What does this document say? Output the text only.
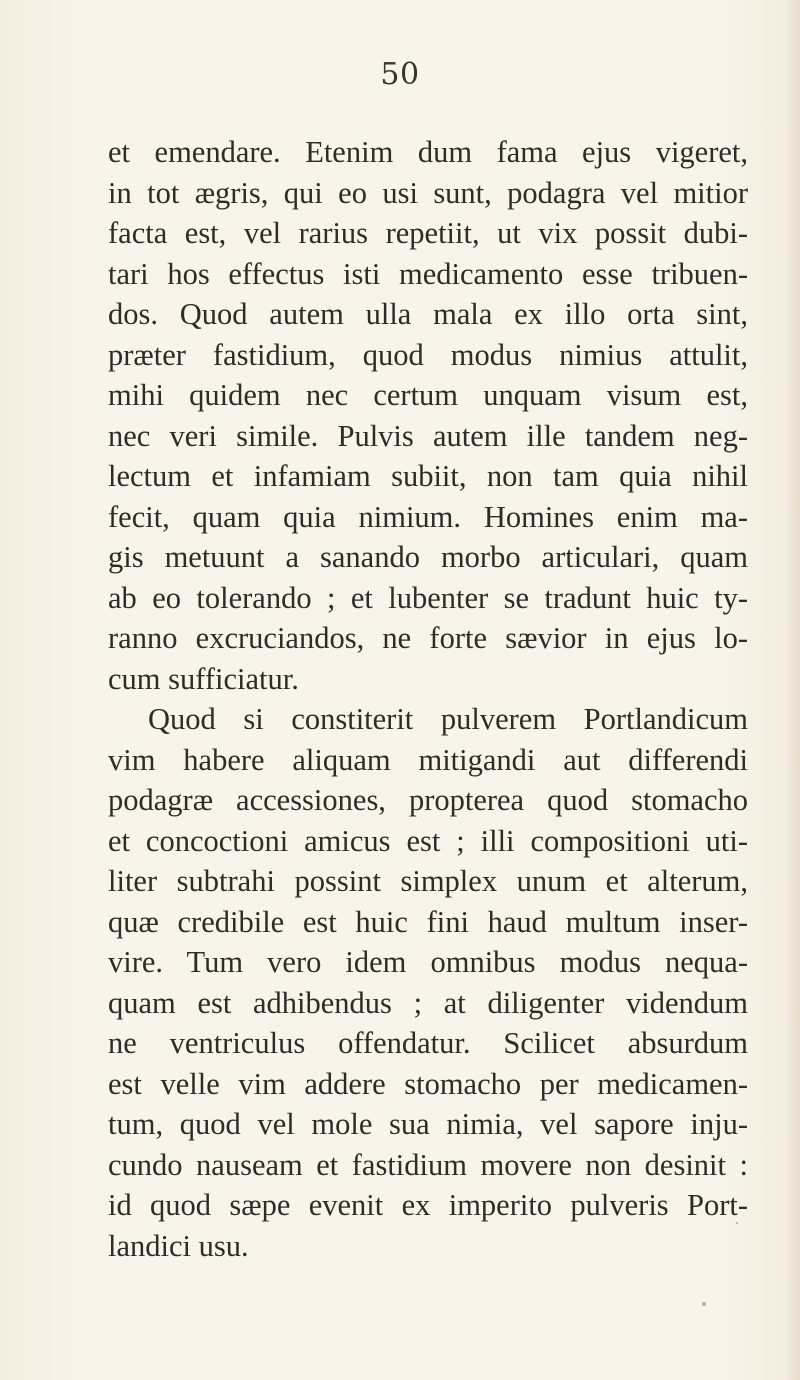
50
et emendare. Etenim dum fama ejus vigeret,
in tot ægris, qui eo usi sunt, podagra vel mitior
facta est, vel rarius repetiit, ut vix possit dubi-
tari hos effectus isti medicamento esse tribuen-
dos. Quod autem ulla mala ex illo orta sint,
præter fastidium, quod modus nimius attulit,
mihi quidem nec certum unquam visum est,
nec veri simile. Pulvis autem ille tandem neg-
lectum et infamiam subiit, non tam quia nihil
fecit, quam quia nimium. Homines enim ma-
gis metuunt a sanando morbo articulari, quam
ab eo tolerando ; et lubenter se tradunt huic ty-
ranno excruciandos, ne forte sævior in ejus lo-
cum sufficiatur.
Quod si constiterit pulverem Portlandicum
vim habere aliquam mitigandi aut differendi
podagræ accessiones, propterea quod stomacho
et concoctioni amicus est ; illi compositioni uti-
liter subtrahi possint simplex unum et alterum,
quæ credibile est huic fini haud multum inser-
vire. Tum vero idem omnibus modus nequa-
quam est adhibendus ; at diligenter videndum
ne ventriculus offendatur. Scilicet absurdum
est velle vim addere stomacho per medicamen-
tum, quod vel mole sua nimia, vel sapore inju-
cundo nauseam et fastidium movere non desinit :
id quod sæpe evenit ex imperito pulveris Port-
landici usu.
